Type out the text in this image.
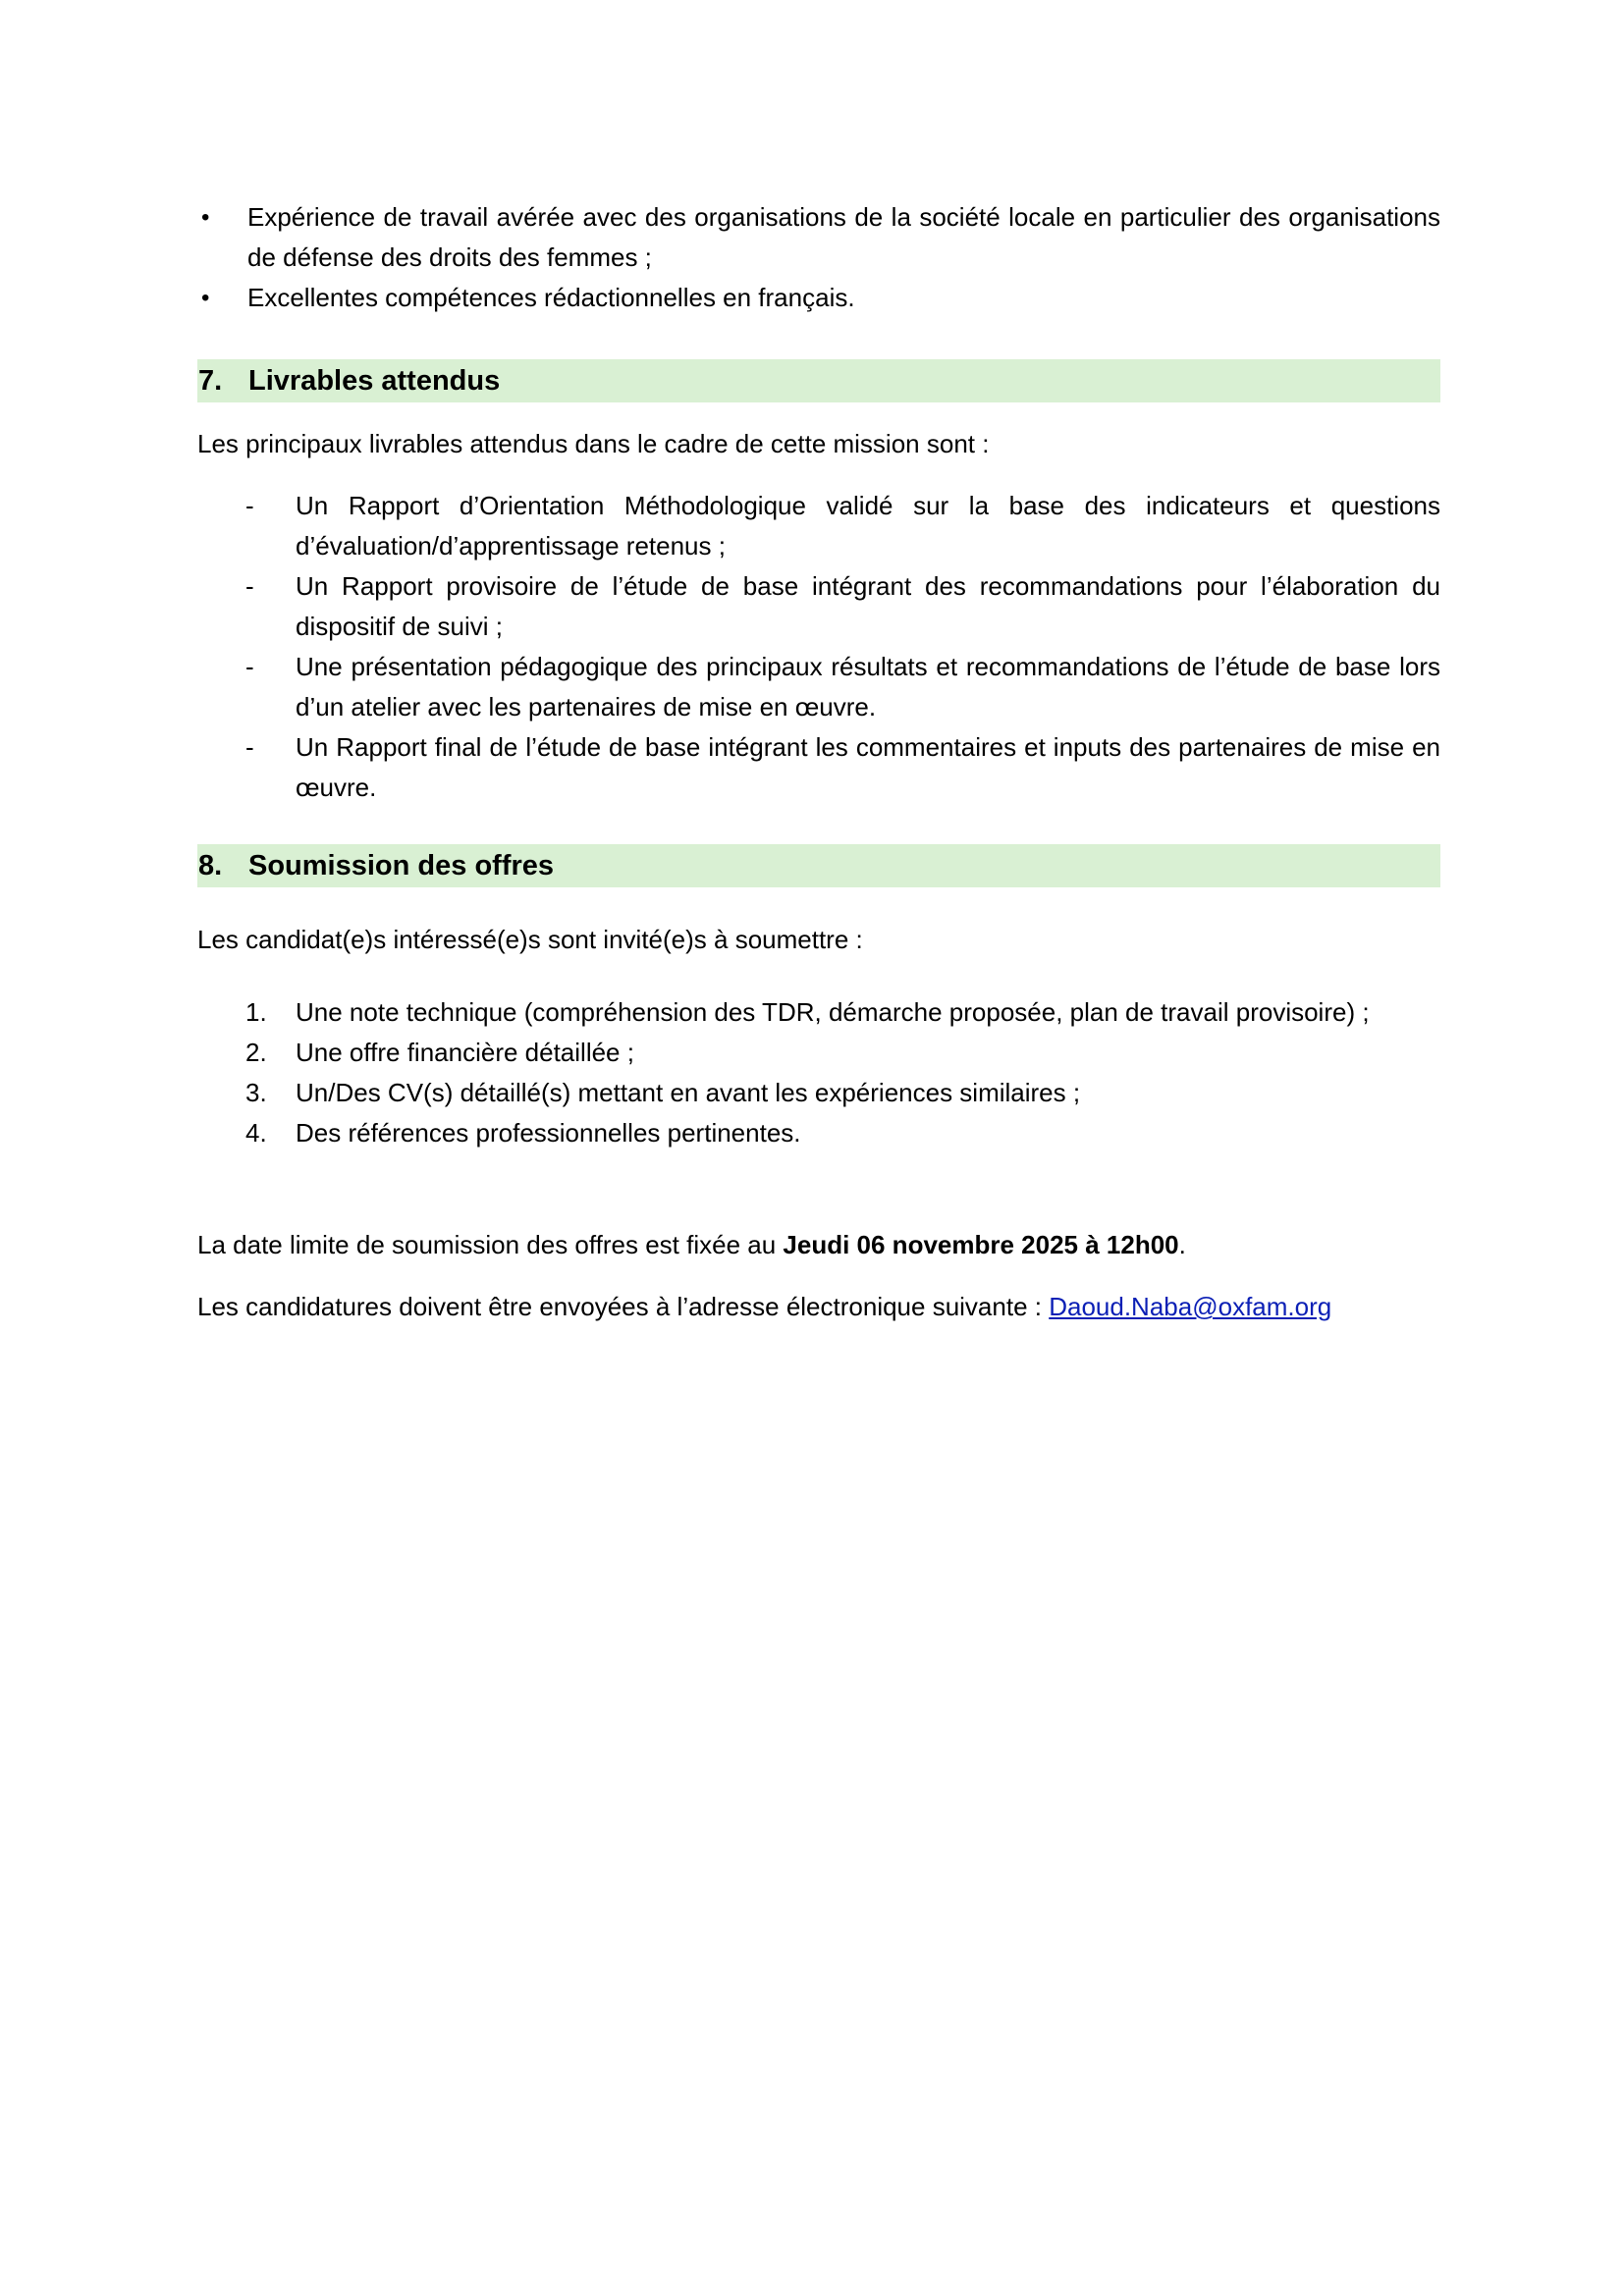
•	Expérience de travail avérée avec des organisations de la société locale en particulier des organisations de défense des droits des femmes ;
•	Excellentes compétences rédactionnelles en français.
7. Livrables attendus

Les principaux livrables attendus dans le cadre de cette mission sont :

-	Un Rapport d’Orientation Méthodologique validé sur la base des indicateurs et questions d’évaluation/d’apprentissage retenus ;
-	Un Rapport provisoire de l’étude de base intégrant des recommandations pour l’élaboration du dispositif de suivi ;
-	Une présentation pédagogique des principaux résultats et recommandations de l’étude de base lors d’un atelier avec les partenaires de mise en œuvre.
-	Un Rapport final de l’étude de base intégrant les commentaires et inputs des partenaires de mise en œuvre.
8. Soumission des offres

Les candidat(e)s intéressé(e)s sont invité(e)s à soumettre :

1.	Une note technique (compréhension des TDR, démarche proposée, plan de travail provisoire) ;
2.	Une offre financière détaillée ;
3.	Un/Des CV(s) détaillé(s) mettant en avant les expériences similaires ;
4.	Des références professionnelles pertinentes.

La date limite de soumission des offres est fixée au Jeudi 06 novembre 2025 à 12h00.

Les candidatures doivent être envoyées à l’adresse électronique suivante : Daoud.Naba@oxfam.org
